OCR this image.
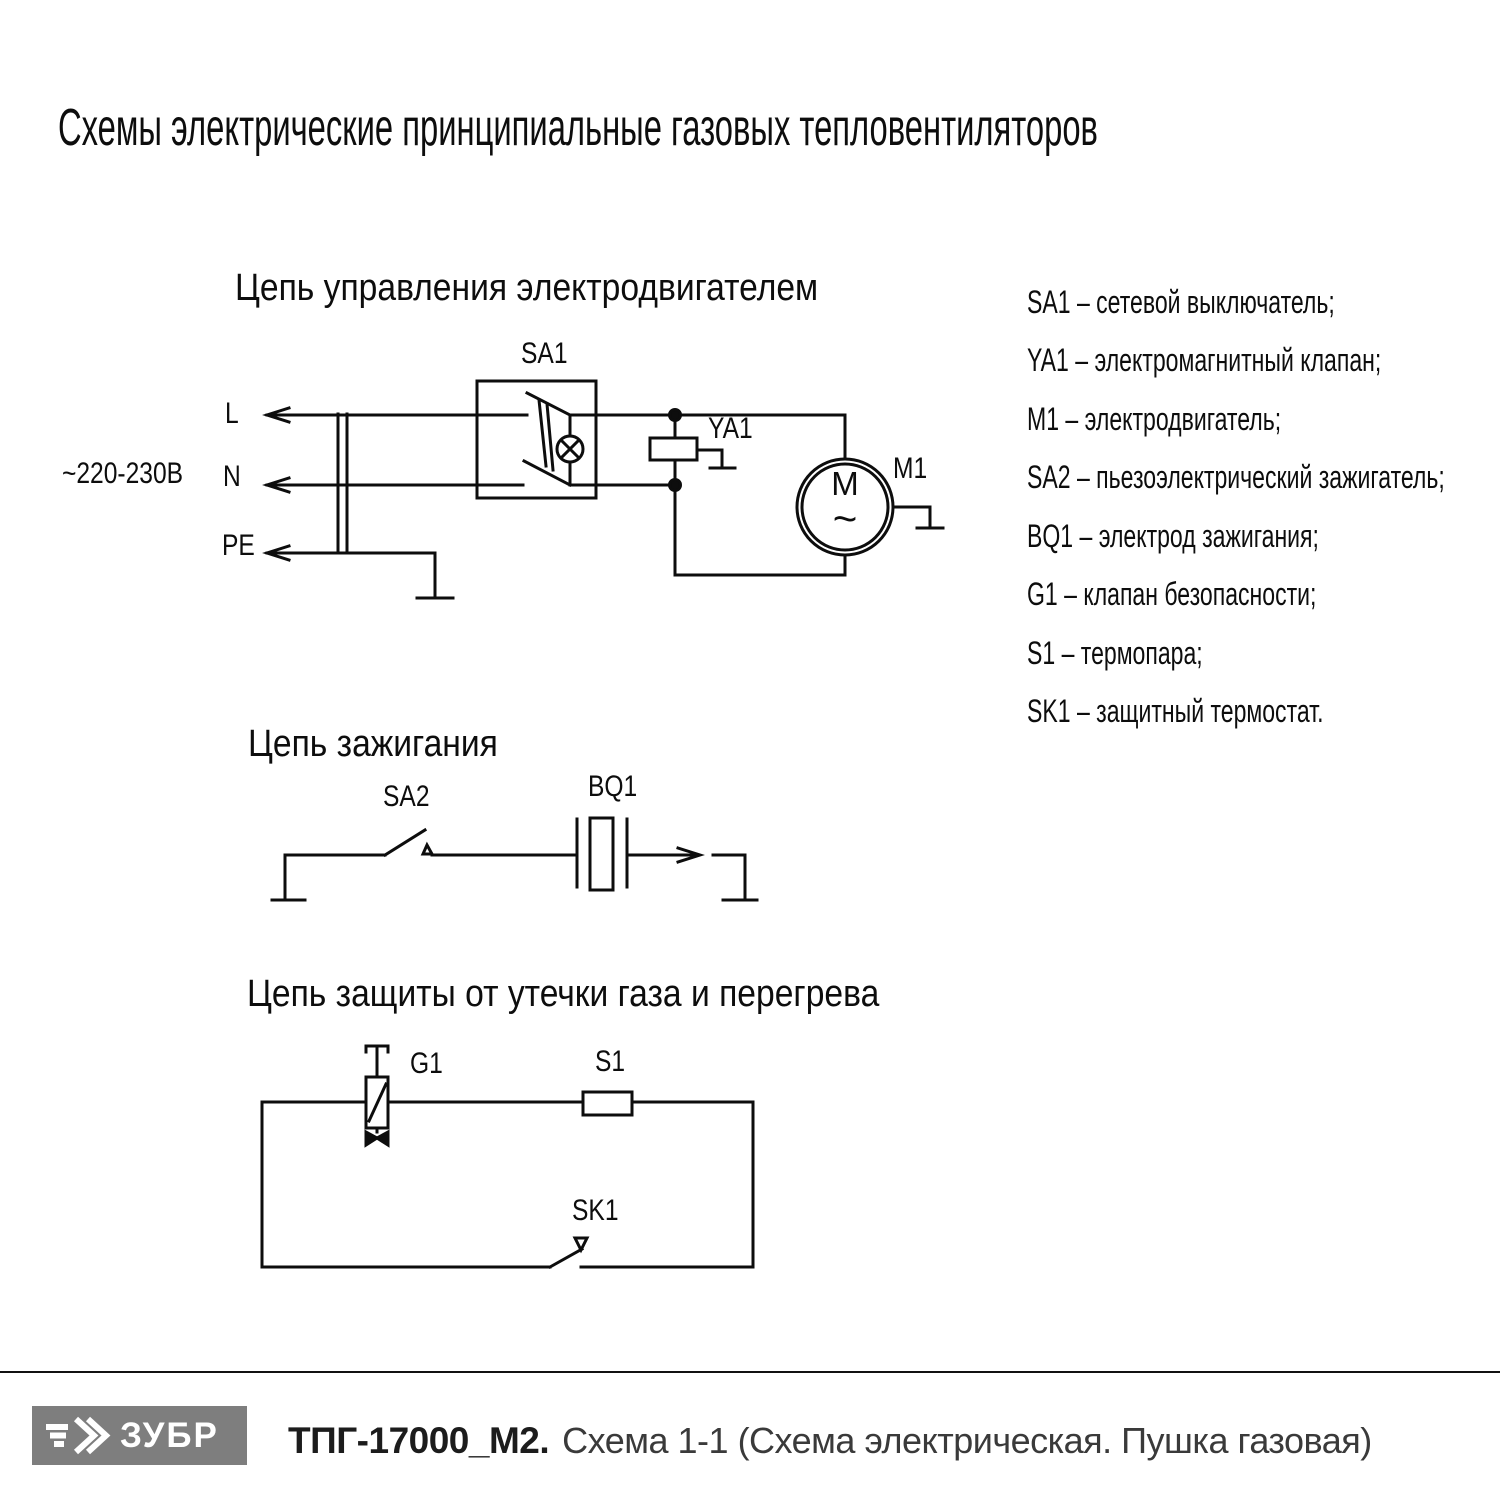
Схемы электрические принципиальные газовых тепловентиляторов
Цепь управления электродвигателем
~220-230В
L
N
PE
SA1
YA1
M1
M
~
Цепь зажигания
SA2	BQ1
Цепь защиты от утечки газа и перегрева
G1	S1
SK1
SA1 – сетевой выключатель;
YA1 – электромагнитный клапан;
M1 – электродвигатель;
SA2 – пьезоэлектрический зажигатель;
BQ1 – электрод зажигания;
G1 – клапан безопасности;
S1 – термопара;
SK1 – защитный термостат.
ЗУБР ТПГ-17000_М2. Схема 1-1 (Схема электрическая. Пушка газовая)
